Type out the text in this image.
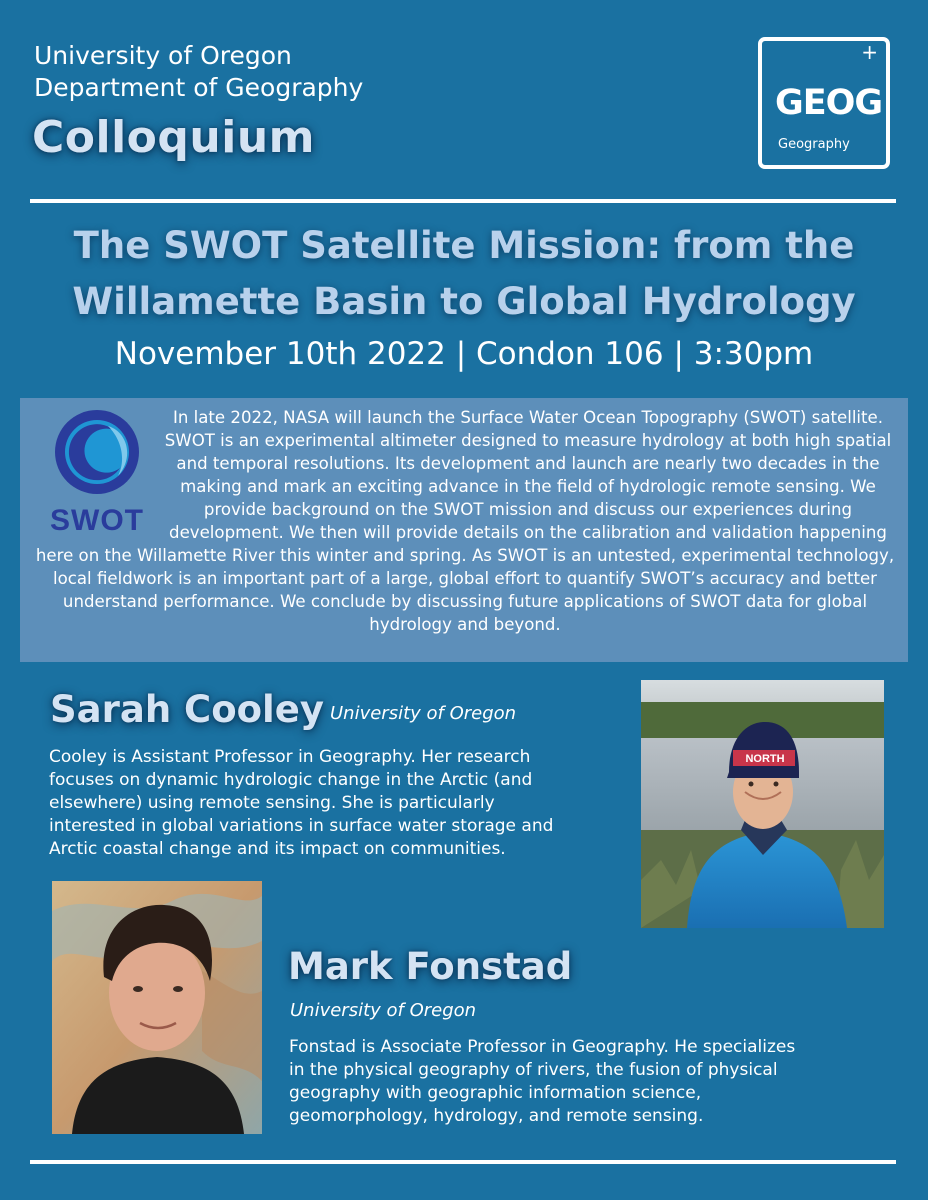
University of Oregon
Department of Geography
Colloquium
+
GEOG
Geography
The SWOT Satellite Mission: from the
Willamette Basin to Global Hydrology
November 10th 2022 | Condon 106 | 3:30pm

SWOT
In late 2022, NASA will launch the Surface Water Ocean Topography (SWOT) satellite. SWOT is an experimental altimeter designed to measure hydrology at both high spatial and temporal resolutions. Its development and launch are nearly two decades in the making and mark an exciting advance in the field of hydrologic remote sensing. We provide background on the SWOT mission and discuss our experiences during development. We then will provide details on the calibration and validation happening here on the Willamette River this winter and spring. As SWOT is an untested, experimental technology, local fieldwork is an important part of a large, global effort to quantify SWOT’s accuracy and better understand performance. We conclude by discussing future applications of SWOT data for global hydrology and beyond.

Sarah Cooley University of Oregon
Cooley is Assistant Professor in Geography. Her research focuses on dynamic hydrologic change in the Arctic (and elsewhere) using remote sensing. She is particularly interested in global variations in surface water storage and Arctic coastal change and its impact on communities.
NORTH
Mark Fonstad
University of Oregon
Fonstad is Associate Professor in Geography. He specializes in the physical geography of rivers, the fusion of physical geography with geographic information science, geomorphology, hydrology, and remote sensing.
